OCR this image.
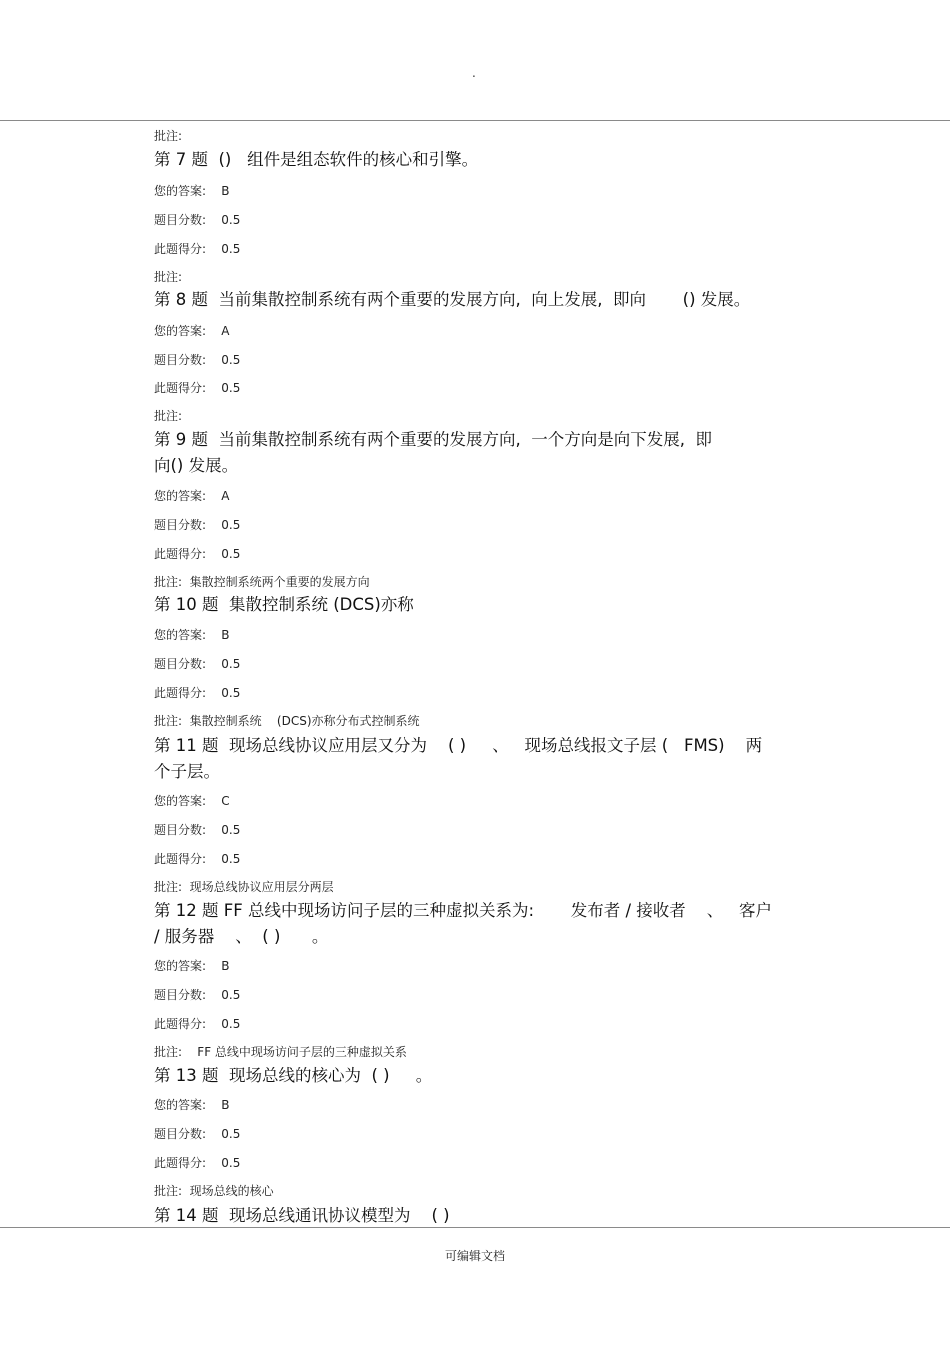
.
批注:
第 7 题  ()   组件是组态软件的核心和引擎。
您的答案:    B
题目分数:    0.5
此题得分:    0.5
批注:
第 8 题  当前集散控制系统有两个重要的发展方向,  向上发展,  即向       () 发展。
您的答案:    A
题目分数:    0.5
此题得分:    0.5
批注:
第 9 题  当前集散控制系统有两个重要的发展方向,  一个方向是向下发展,  即
向() 发展。
您的答案:    A
题目分数:    0.5
此题得分:    0.5
批注:  集散控制系统两个重要的发展方向
第 10 题  集散控制系统 (DCS)亦称
您的答案:    B
题目分数:    0.5
此题得分:    0.5
批注:  集散控制系统    (DCS)亦称分布式控制系统
第 11 题  现场总线协议应用层又分为    ( )     、   现场总线报文子层 (   FMS)    两
个子层。
您的答案:    C
题目分数:    0.5
此题得分:    0.5
批注:  现场总线协议应用层分两层
第 12 题 FF 总线中现场访问子层的三种虚拟关系为:       发布者 / 接收者    、   客户
/ 服务器    、  ( )      。
您的答案:    B
题目分数:    0.5
此题得分:    0.5
批注:    FF 总线中现场访问子层的三种虚拟关系
第 13 题  现场总线的核心为  ( )     。
您的答案:    B
题目分数:    0.5
此题得分:    0.5
批注:  现场总线的核心
第 14 题  现场总线通讯协议模型为    ( )
可编辑文档
